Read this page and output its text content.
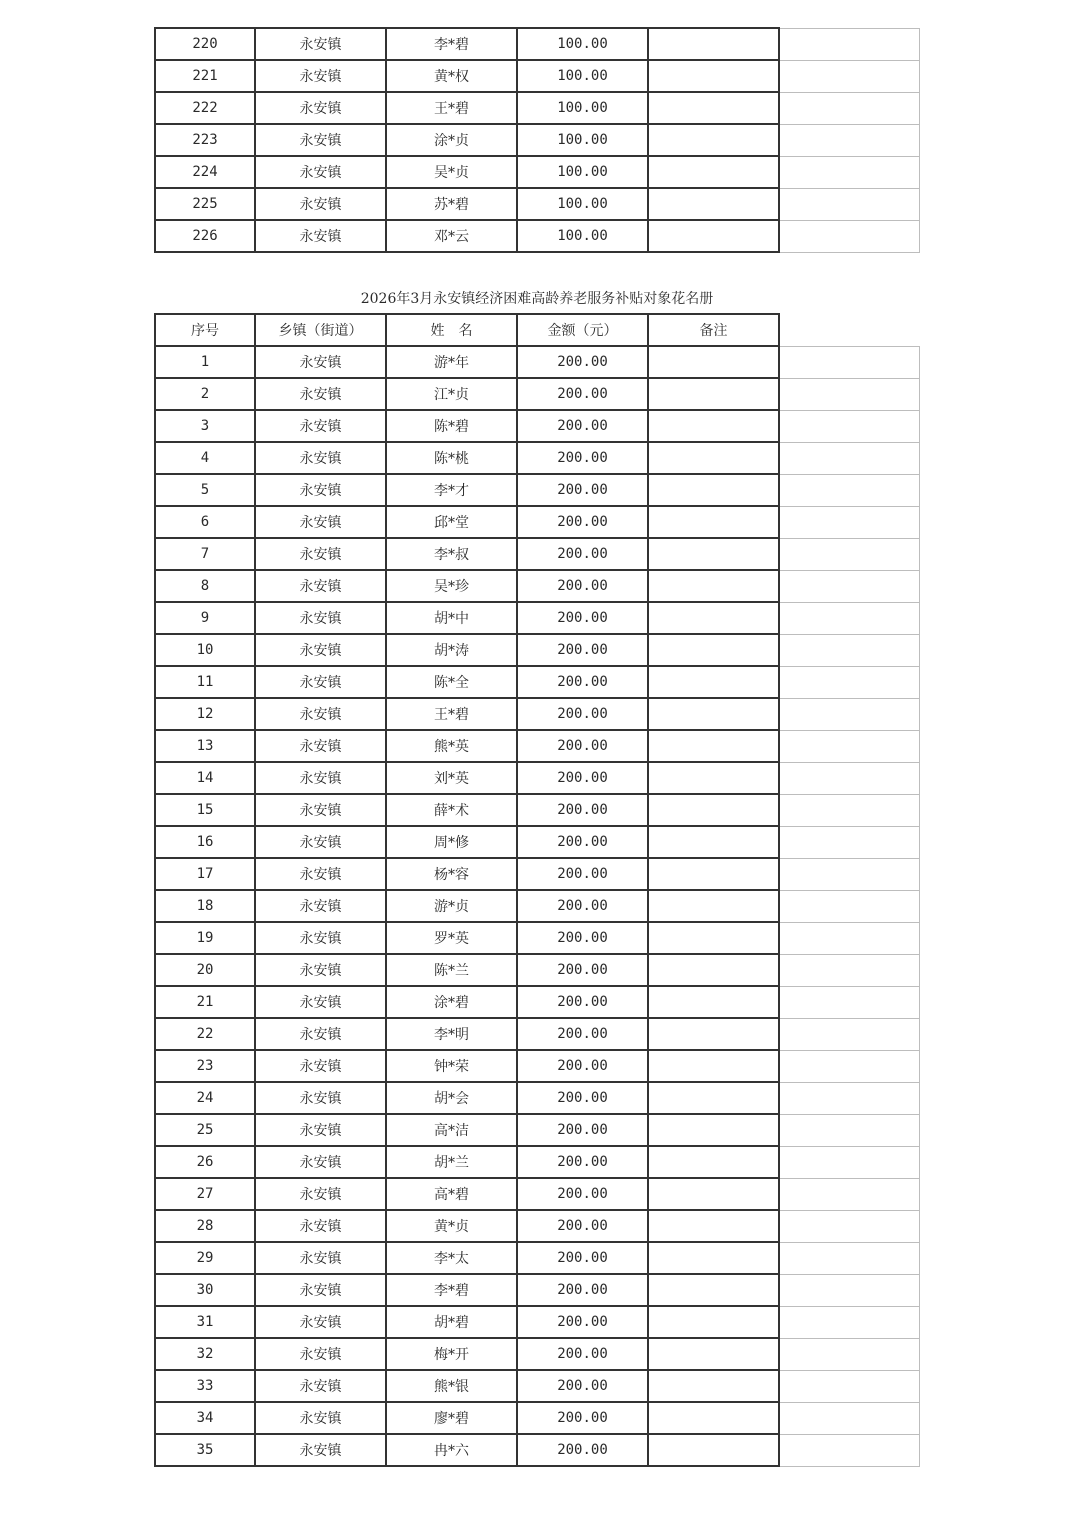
220	永安镇	李*碧	100.00		
221	永安镇	黄*权	100.00		
222	永安镇	王*碧	100.00		
223	永安镇	涂*贞	100.00		
224	永安镇	吴*贞	100.00		
225	永安镇	苏*碧	100.00		
226	永安镇	邓*云	100.00		
2026年3月永安镇经济困难高龄养老服务补贴对象花名册
序号	乡镇（街道）	姓　名	金额（元）	备注	
1	永安镇	游*年	200.00		
2	永安镇	江*贞	200.00		
3	永安镇	陈*碧	200.00		
4	永安镇	陈*桃	200.00		
5	永安镇	李*才	200.00		
6	永安镇	邱*堂	200.00		
7	永安镇	李*叔	200.00		
8	永安镇	吴*珍	200.00		
9	永安镇	胡*中	200.00		
10	永安镇	胡*涛	200.00		
11	永安镇	陈*全	200.00		
12	永安镇	王*碧	200.00		
13	永安镇	熊*英	200.00		
14	永安镇	刘*英	200.00		
15	永安镇	薛*术	200.00		
16	永安镇	周*修	200.00		
17	永安镇	杨*容	200.00		
18	永安镇	游*贞	200.00		
19	永安镇	罗*英	200.00		
20	永安镇	陈*兰	200.00		
21	永安镇	涂*碧	200.00		
22	永安镇	李*明	200.00		
23	永安镇	钟*荣	200.00		
24	永安镇	胡*会	200.00		
25	永安镇	高*洁	200.00		
26	永安镇	胡*兰	200.00		
27	永安镇	高*碧	200.00		
28	永安镇	黄*贞	200.00		
29	永安镇	李*太	200.00		
30	永安镇	李*碧	200.00		
31	永安镇	胡*碧	200.00		
32	永安镇	梅*开	200.00		
33	永安镇	熊*银	200.00		
34	永安镇	廖*碧	200.00		
35	永安镇	冉*六	200.00		
